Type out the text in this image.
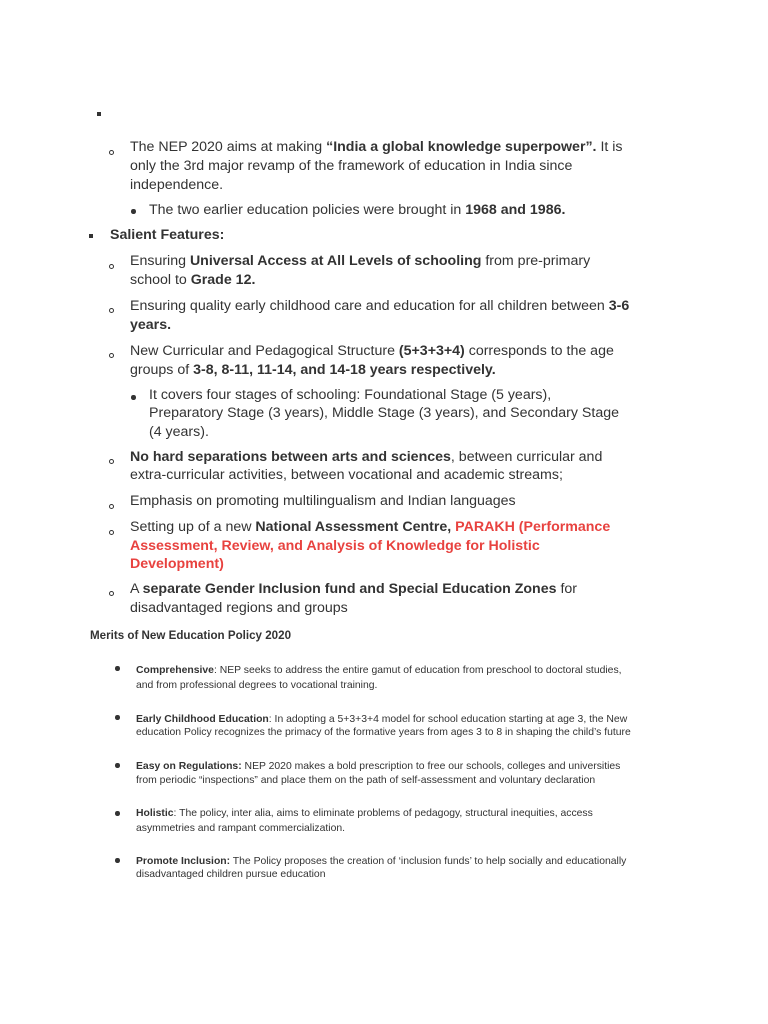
The NEP 2020 aims at making “India a global knowledge superpower”. It is
only the 3rd major revamp of the framework of education in India since
independence.
The two earlier education policies were brought in 1968 and 1986.
Salient Features:
Ensuring Universal Access at All Levels of schooling from pre-primary
school to Grade 12.
Ensuring quality early childhood care and education for all children between 3-6
years.
New Curricular and Pedagogical Structure (5+3+3+4) corresponds to the age
groups of 3-8, 8-11, 11-14, and 14-18 years respectively.
It covers four stages of schooling: Foundational Stage (5 years),
Preparatory Stage (3 years), Middle Stage (3 years), and Secondary Stage
(4 years).
No hard separations between arts and sciences, between curricular and
extra-curricular activities, between vocational and academic streams;
Emphasis on promoting multilingualism and Indian languages
Setting up of a new National Assessment Centre, PARAKH (Performance
Assessment, Review, and Analysis of Knowledge for Holistic
Development)
A separate Gender Inclusion fund and Special Education Zones for
disadvantaged regions and groups
Merits of New Education Policy 2020
Comprehensive: NEP seeks to address the entire gamut of education from preschool to doctoral studies,
and from professional degrees to vocational training.
Early Childhood Education: In adopting a 5+3+3+4 model for school education starting at age 3, the New
education Policy recognizes the primacy of the formative years from ages 3 to 8 in shaping the child’s future
Easy on Regulations: NEP 2020 makes a bold prescription to free our schools, colleges and universities
from periodic “inspections” and place them on the path of self-assessment and voluntary declaration
Holistic: The policy, inter alia, aims to eliminate problems of pedagogy, structural inequities, access
asymmetries and rampant commercialization.
Promote Inclusion: The Policy proposes the creation of ‘inclusion funds’ to help socially and educationally
disadvantaged children pursue education
